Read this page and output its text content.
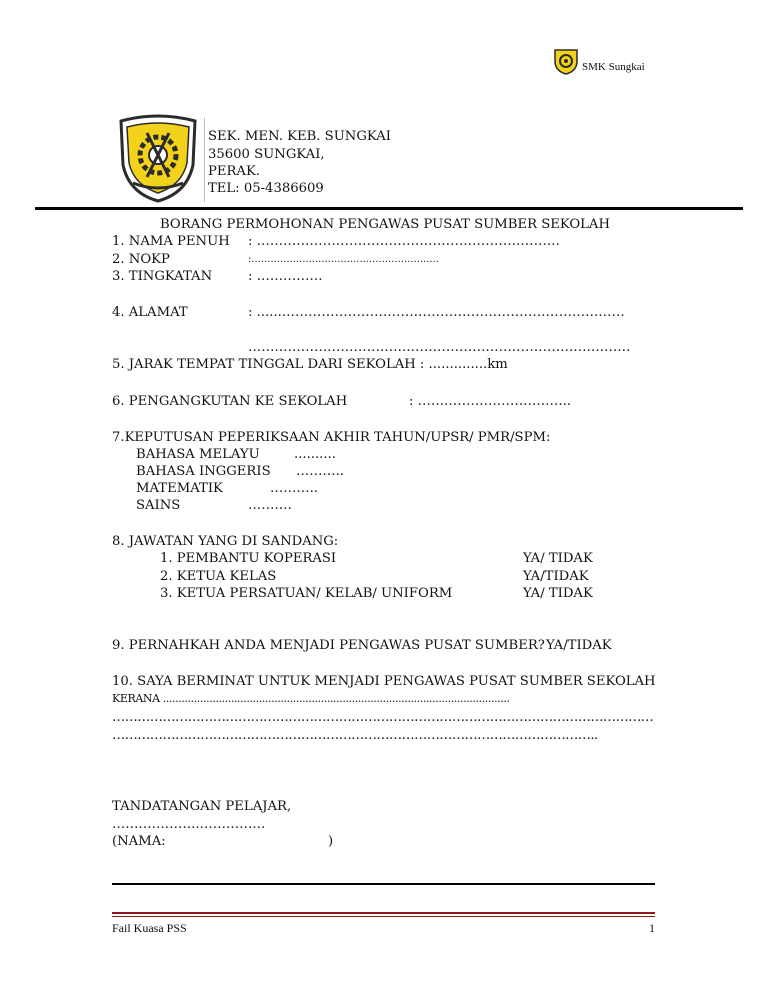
SMK Sungkai
SEK. MEN. KEB. SUNGKAI
35600 SUNGKAI,
PERAK.
TEL: 05-4386609
BORANG PERMOHONAN PENGAWAS PUSAT SUMBER SEKOLAH
1. NAMA PENUH : ……………………………………………………………
2. NOKP	:...........................................................
3. TINGKATAN	: ……………
4. ALAMAT	: ......……………………………………………………………………
……………………………………………………………………………
5. JARAK TEMPAT TINGGAL DARI SEKOLAH : ..............km
6. PENGANGKUTAN KE SEKOLAH	: ……………………………..
7.KEPUTUSAN PEPERIKSAAN AKHIR TAHUN/UPSR/ PMR/SPM:
BAHASA MELAYU	..........
BAHASA INGGERIS ………..
MATEMATIK	………..
SAINS	……….
8. JAWATAN YANG DI SANDANG:
1. PEMBANTU KOPERASI	YA/ TIDAK
2. KETUA KELAS	YA/TIDAK
3. KETUA PERSATUAN/ KELAB/ UNIFORM	YA/ TIDAK
9. PERNAHKAH ANDA MENJADI PENGAWAS PUSAT SUMBER? YA/TIDAK
10. SAYA BERMINAT UNTUK MENJADI PENGAWAS PUSAT SUMBER SEKOLAH
KERANA ................................................................................................................
…………………………………………………………………………………………………………………
……………………………………………………………………………………………………..
TANDATANGAN PELAJAR,
………………..……………
(NAMA:	)
Fail Kuasa PSS	1
